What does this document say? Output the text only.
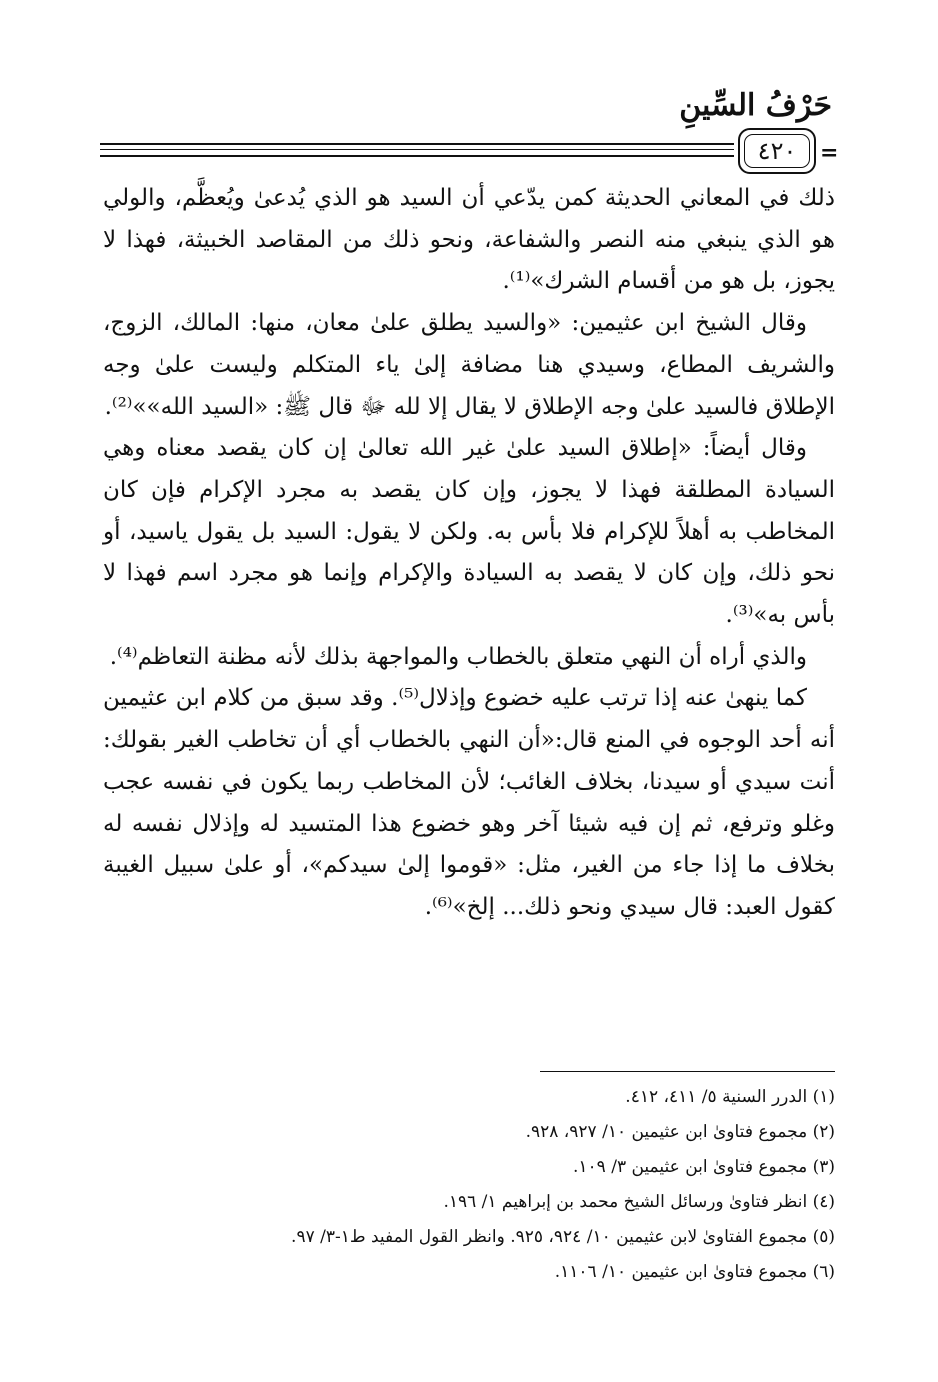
حَرْفُ السِّينِ
٤٢٠ =

ذلك في المعاني الحديثة كمن يدّعي أن السيد هو الذي يُدعىٰ ويُعظَّم، والولي هو الذي ينبغي منه النصر والشفاعة، ونحو ذلك من المقاصد الخبيثة، فهذا لا يجوز، بل هو من أقسام الشرك»⁽¹⁾.

وقال الشيخ ابن عثيمين: «والسيد يطلق علىٰ معان، منها: المالك، الزوج، والشريف المطاع، وسيدي هنا مضافة إلىٰ ياء المتكلم وليست علىٰ وجه الإطلاق فالسيد علىٰ وجه الإطلاق لا يقال إلا لله ﷻ قال ﷺ: «السيد الله»»⁽²⁾.

وقال أيضاً: «إطلاق السيد علىٰ غير الله تعالىٰ إن كان يقصد معناه وهي السيادة المطلقة فهذا لا يجوز، وإن كان يقصد به مجرد الإكرام فإن كان المخاطب به أهلاً للإكرام فلا بأس به. ولكن لا يقول: السيد بل يقول ياسيد، أو نحو ذلك، وإن كان لا يقصد به السيادة والإكرام وإنما هو مجرد اسم فهذا لا بأس به»⁽³⁾.

والذي أراه أن النهي متعلق بالخطاب والمواجهة بذلك لأنه مظنة التعاظم⁽⁴⁾.

كما ينهىٰ عنه إذا ترتب عليه خضوع وإذلال⁽⁵⁾. وقد سبق من كلام ابن عثيمين أنه أحد الوجوه في المنع قال:«أن النهي بالخطاب أي أن تخاطب الغير بقولك: أنت سيدي أو سيدنا، بخلاف الغائب؛ لأن المخاطب ربما يكون في نفسه عجب وغلو وترفع، ثم إن فيه شيئا آخر وهو خضوع هذا المتسيد له وإذلال نفسه له بخلاف ما إذا جاء من الغير، مثل: «قوموا إلىٰ سيدكم»، أو علىٰ سبيل الغيبة كقول العبد: قال سيدي ونحو ذلك... إلخ»⁽⁶⁾.

(١) الدرر السنية ٥/ ٤١١، ٤١٢.
(٢) مجموع فتاوىٰ ابن عثيمين ١٠/ ٩٢٧، ٩٢٨.
(٣) مجموع فتاوىٰ ابن عثيمين ٣/ ١٠٩.
(٤) انظر فتاوىٰ ورسائل الشيخ محمد بن إبراهيم ١/ ١٩٦.
(٥) مجموع الفتاوىٰ لابن عثيمين ١٠/ ٩٢٤، ٩٢٥. وانظر القول المفيد ط١-٣/ ٩٧.
(٦) مجموع فتاوىٰ ابن عثيمين ١٠/ ١١٠٦.
